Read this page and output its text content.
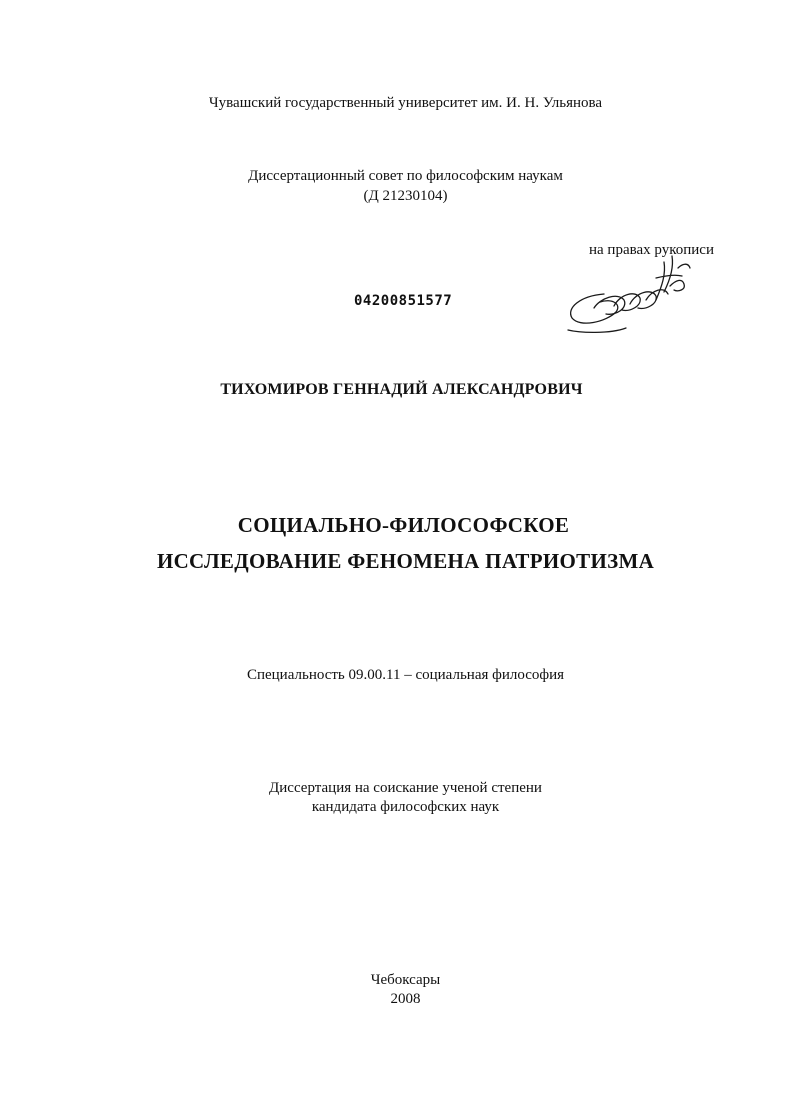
Чувашский государственный университет им. И. Н. Ульянова
Диссертационный совет по философским наукам
(Д 21230104)
на правах рукописи
04200851577
ТИХОМИРОВ ГЕННАДИЙ АЛЕКСАНДРОВИЧ
СОЦИАЛЬНО-ФИЛОСОФСКОЕ
ИССЛЕДОВАНИЕ ФЕНОМЕНА ПАТРИОТИЗМА
Специальность 09.00.11 – социальная философия
Диссертация на соискание ученой степени
кандидата философских наук
Чебоксары
2008
